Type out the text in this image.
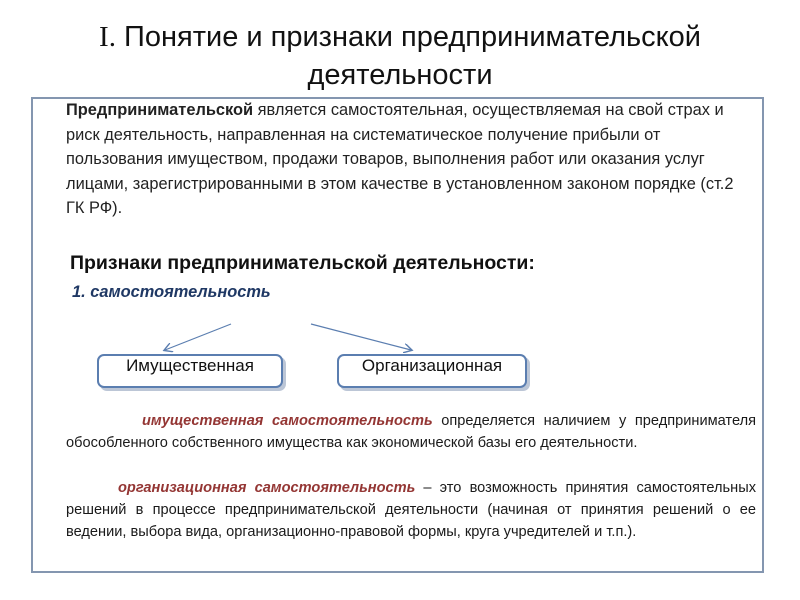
I. Понятие и признаки предпринимательской
деятельности
Предпринимательской является самостоятельная, осуществляемая на свой страх и риск деятельность, направленная на систематическое получение прибыли от пользования имуществом, продажи товаров, выполнения работ или оказания услуг лицами, зарегистрированными в этом качестве в установленном законом порядке (ст.2 ГК РФ).
Признаки предпринимательской деятельности:
1. самостоятельность
Имущественная	Организационная
имущественная самостоятельность определяется наличием у предпринимателя обособленного собственного имущества как экономической базы его деятельности.
организационная самостоятельность – это возможность принятия самостоятельных решений в процессе предпринимательской деятельности (начиная от принятия решений о ее ведении, выбора вида, организационно-правовой формы, круга учредителей и т.п.).
